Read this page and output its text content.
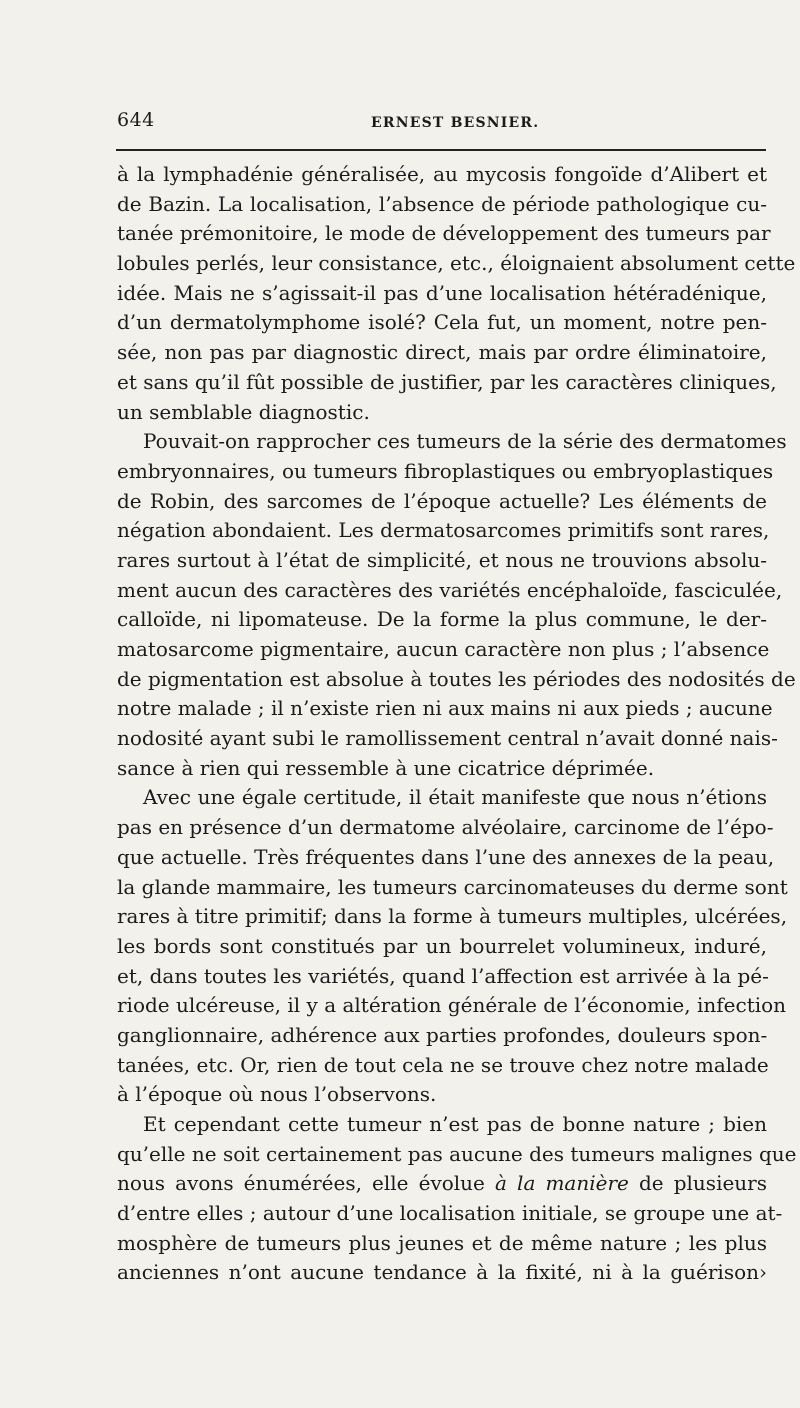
644	ERNEST BESNIER.
à la lymphadénie généralisée, au mycosis fongoïde d’Alibert et
de Bazin. La localisation, l’absence de période pathologique cu-
tanée prémonitoire, le mode de développement des tumeurs par
lobules perlés, leur consistance, etc., éloignaient absolument cette
idée. Mais ne s’agissait-il pas d’une localisation hétéradénique,
d’un dermatolymphome isolé? Cela fut, un moment, notre pen-
sée, non pas par diagnostic direct, mais par ordre éliminatoire,
et sans qu’il fût possible de justifier, par les caractères cliniques,
un semblable diagnostic.
Pouvait-on rapprocher ces tumeurs de la série des dermatomes
embryonnaires, ou tumeurs fibroplastiques ou embryoplastiques
de Robin, des sarcomes de l’époque actuelle? Les éléments de
négation abondaient. Les dermatosarcomes primitifs sont rares,
rares surtout à l’état de simplicité, et nous ne trouvions absolu-
ment aucun des caractères des variétés encéphaloïde, fasciculée,
calloïde, ni lipomateuse. De la forme la plus commune, le der-
matosarcome pigmentaire, aucun caractère non plus ; l’absence
de pigmentation est absolue à toutes les périodes des nodosités de
notre malade ; il n’existe rien ni aux mains ni aux pieds ; aucune
nodosité ayant subi le ramollissement central n’avait donné nais-
sance à rien qui ressemble à une cicatrice déprimée.
Avec une égale certitude, il était manifeste que nous n’étions
pas en présence d’un dermatome alvéolaire, carcinome de l’épo-
que actuelle. Très fréquentes dans l’une des annexes de la peau,
la glande mammaire, les tumeurs carcinomateuses du derme sont
rares à titre primitif; dans la forme à tumeurs multiples, ulcérées,
les bords sont constitués par un bourrelet volumineux, induré,
et, dans toutes les variétés, quand l’affection est arrivée à la pé-
riode ulcéreuse, il y a altération générale de l’économie, infection
ganglionnaire, adhérence aux parties profondes, douleurs spon-
tanées, etc. Or, rien de tout cela ne se trouve chez notre malade
à l’époque où nous l’observons.
Et cependant cette tumeur n’est pas de bonne nature ; bien
qu’elle ne soit certainement pas aucune des tumeurs malignes que
nous avons énumérées, elle évolue à la manière de plusieurs
d’entre elles ; autour d’une localisation initiale, se groupe une at-
mosphère de tumeurs plus jeunes et de même nature ; les plus
anciennes n’ont aucune tendance à la fixité, ni à la guérison›
